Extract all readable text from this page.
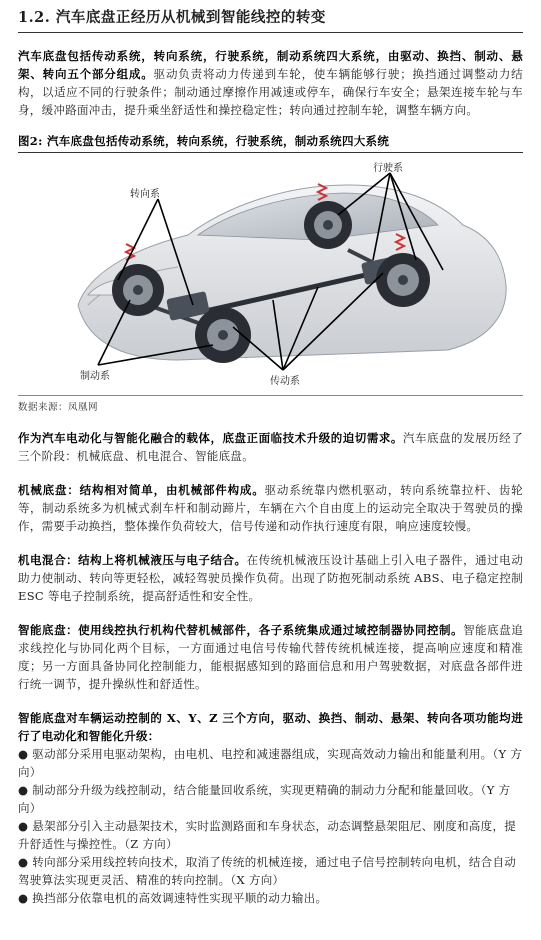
1.2. 汽车底盘正经历从机械到智能线控的转变

汽车底盘包括传动系统，转向系统，行驶系统，制动系统四大系统，由驱动、换挡、制动、悬架、转向五个部分组成。驱动负责将动力传递到车轮，使车辆能够行驶；换挡通过调整动力结构，以适应不同的行驶条件；制动通过摩擦作用减速或停车，确保行车安全；悬架连接车轮与车身，缓冲路面冲击，提升乘坐舒适性和操控稳定性；转向通过控制车轮，调整车辆方向。

图2: 汽车底盘包括传动系统，转向系统，行驶系统，制动系统四大系统
转向系
行驶系
制动系	传动系
数据来源：凤凰网

作为汽车电动化与智能化融合的载体，底盘正面临技术升级的迫切需求。汽车底盘的发展历经了三个阶段：机械底盘、机电混合、智能底盘。

机械底盘：结构相对简单，由机械部件构成。驱动系统靠内燃机驱动，转向系统靠拉杆、齿轮等，制动系统多为机械式刹车杆和制动蹄片，车辆在六个自由度上的运动完全取决于驾驶员的操作，需要手动换挡，整体操作负荷较大，信号传递和动作执行速度有限，响应速度较慢。

机电混合：结构上将机械液压与电子结合。在传统机械液压设计基础上引入电子器件，通过电动助力使制动、转向等更轻松，减轻驾驶员操作负荷。出现了防抱死制动系统 ABS、电子稳定控制 ESC 等电子控制系统，提高舒适性和安全性。

智能底盘：使用线控执行机构代替机械部件，各子系统集成通过域控制器协同控制。智能底盘追求线控化与协同化两个目标，一方面通过电信号传输代替传统机械连接，提高响应速度和精准度；另一方面具备协同化控制能力，能根据感知到的路面信息和用户驾驶数据，对底盘各部件进行统一调节，提升操纵性和舒适性。

智能底盘对车辆运动控制的 X、Y、Z 三个方向，驱动、换挡、制动、悬架、转向各项功能均进行了电动化和智能化升级：

● 驱动部分采用电驱动架构，由电机、电控和减速器组成，实现高效动力输出和能量利用。（Y 方向）
● 制动部分升级为线控制动，结合能量回收系统，实现更精确的制动力分配和能量回收。（Y 方向）
● 悬架部分引入主动悬架技术，实时监测路面和车身状态，动态调整悬架阻尼、刚度和高度，提升舒适性与操控性。（Z 方向）
● 转向部分采用线控转向技术，取消了传统的机械连接，通过电子信号控制转向电机，结合自动驾驶算法实现更灵活、精准的转向控制。（X 方向）
● 换挡部分依靠电机的高效调速特性实现平顺的动力输出。
